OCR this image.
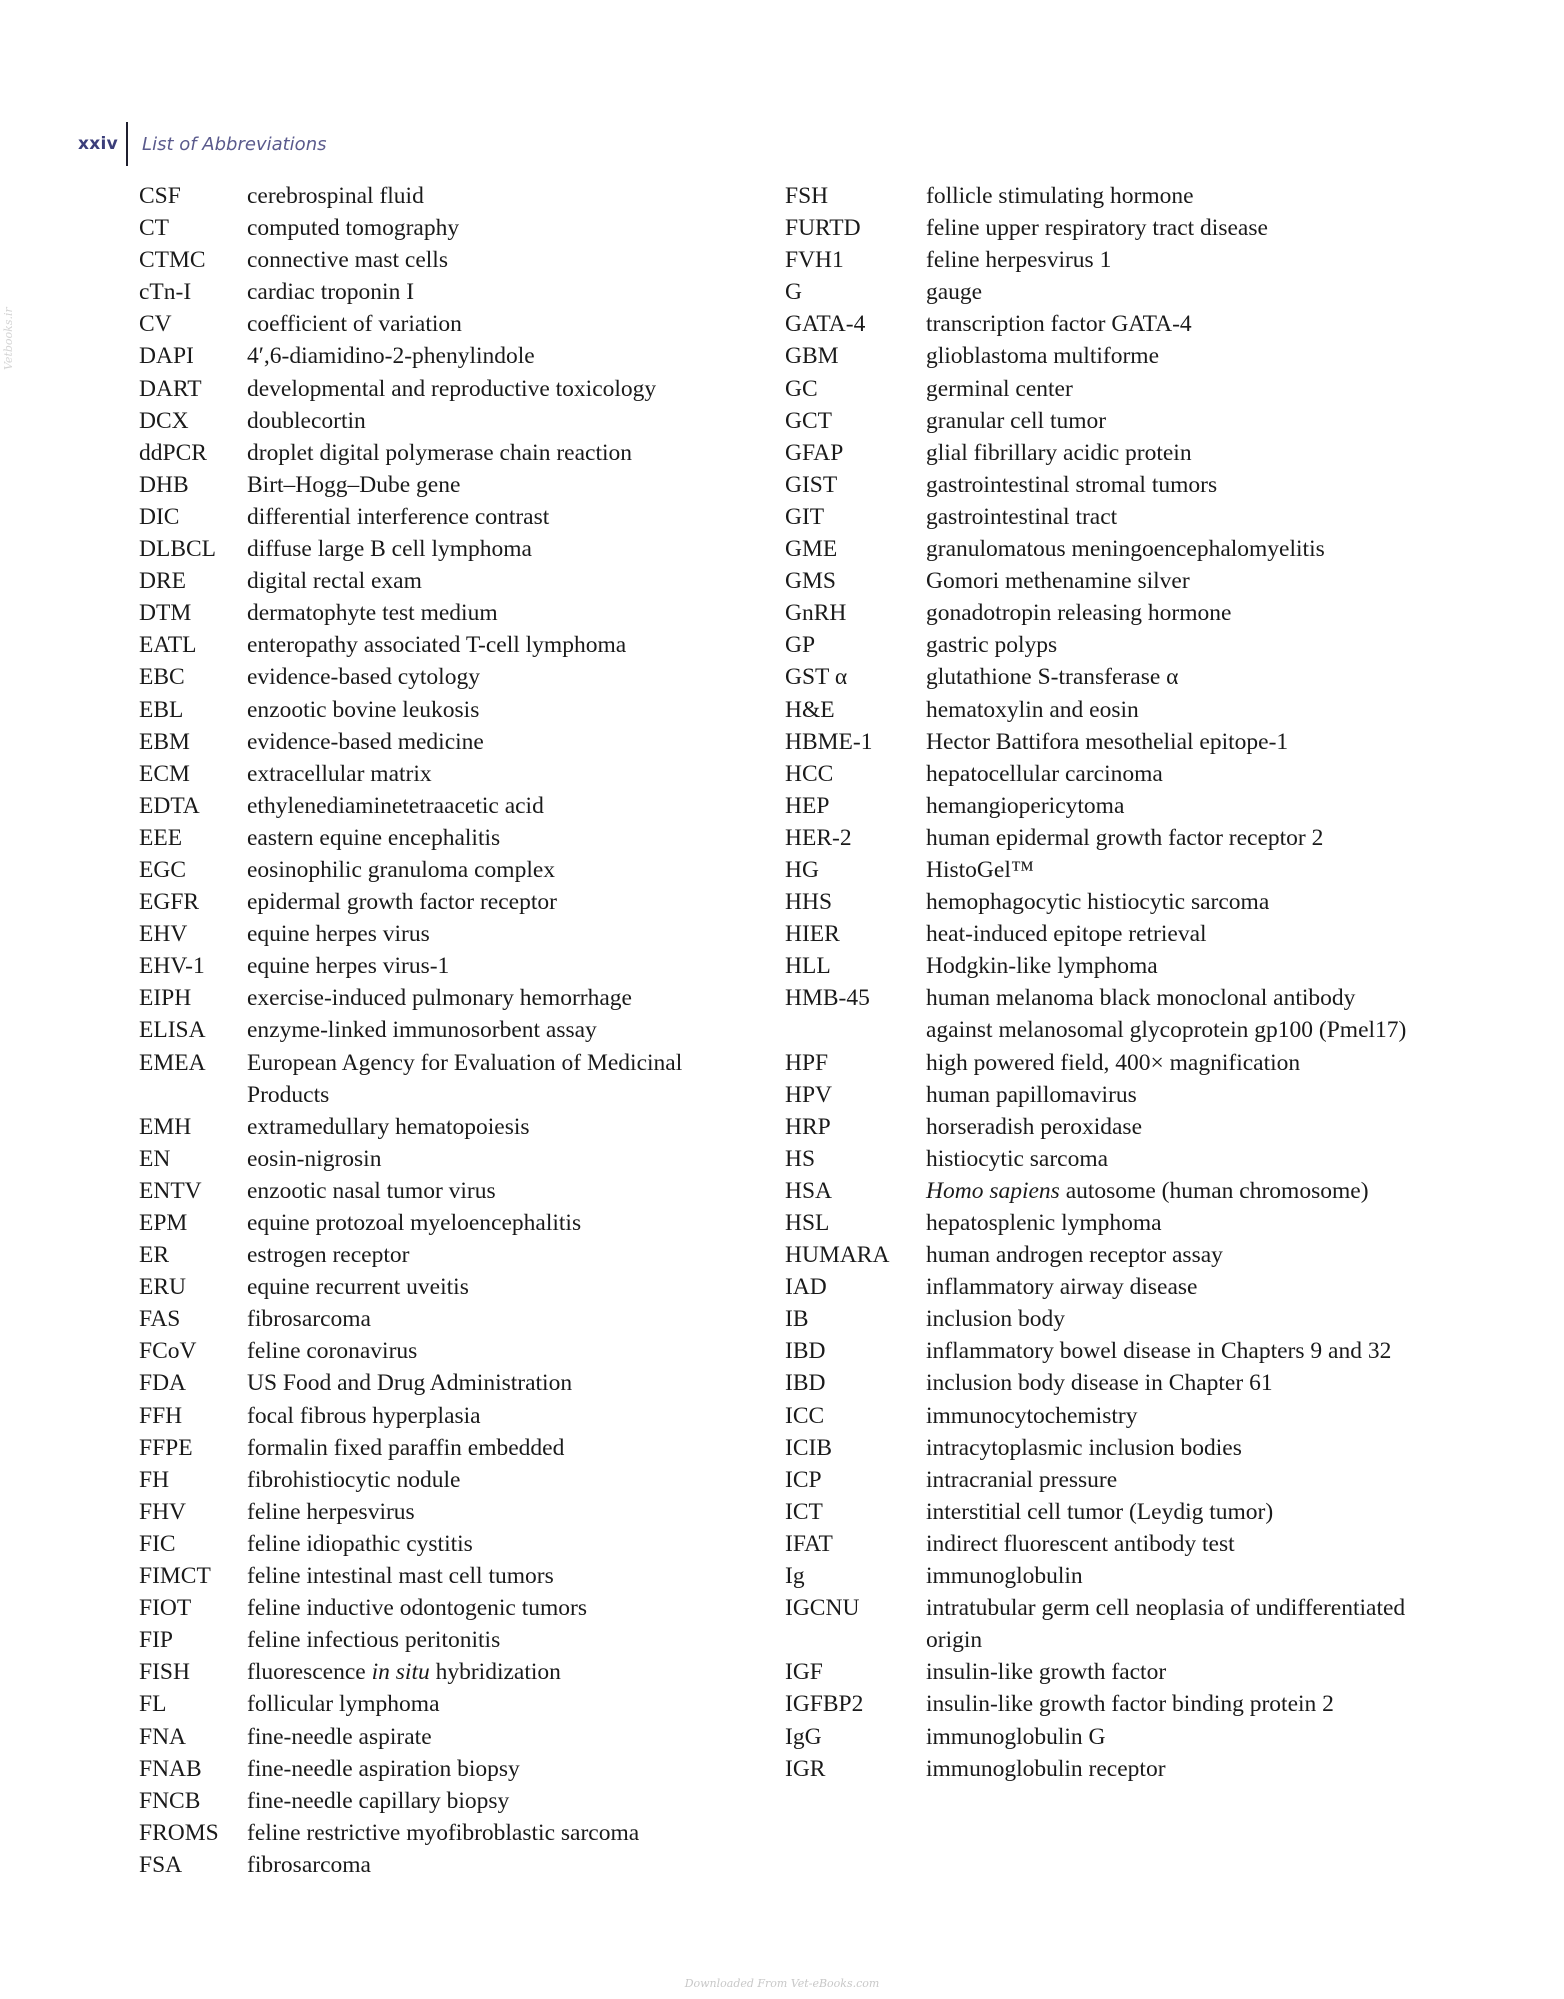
xxiv List of Abbreviations
Vetbooks.ir
CSF	cerebrospinal fluid
CT	computed tomography
CTMC	connective mast cells
cTn-I	cardiac troponin I
CV	coefficient of variation
DAPI	4′,6-diamidino-2-phenylindole
DART	developmental and reproductive toxicology
DCX	doublecortin
ddPCR	droplet digital polymerase chain reaction
DHB	Birt–Hogg–Dube gene
DIC	differential interference contrast
DLBCL	diffuse large B cell lymphoma
DRE	digital rectal exam
DTM	dermatophyte test medium
EATL	enteropathy associated T-cell lymphoma
EBC	evidence-based cytology
EBL	enzootic bovine leukosis
EBM	evidence-based medicine
ECM	extracellular matrix
EDTA	ethylenediaminetetraacetic acid
EEE	eastern equine encephalitis
EGC	eosinophilic granuloma complex
EGFR	epidermal growth factor receptor
EHV	equine herpes virus
EHV-1	equine herpes virus-1
EIPH	exercise-induced pulmonary hemorrhage
ELISA	enzyme-linked immunosorbent assay
EMEA	European Agency for Evaluation of Medicinal Products
EMH	extramedullary hematopoiesis
EN	eosin-nigrosin
ENTV	enzootic nasal tumor virus
EPM	equine protozoal myeloencephalitis
ER	estrogen receptor
ERU	equine recurrent uveitis
FAS	fibrosarcoma
FCoV	feline coronavirus
FDA	US Food and Drug Administration
FFH	focal fibrous hyperplasia
FFPE	formalin fixed paraffin embedded
FH	fibrohistiocytic nodule
FHV	feline herpesvirus
FIC	feline idiopathic cystitis
FIMCT	feline intestinal mast cell tumors
FIOT	feline inductive odontogenic tumors
FIP	feline infectious peritonitis
FISH	fluorescence in situ hybridization
FL	follicular lymphoma
FNA	fine-needle aspirate
FNAB	fine-needle aspiration biopsy
FNCB	fine-needle capillary biopsy
FROMS	feline restrictive myofibroblastic sarcoma
FSA	fibrosarcoma
FSH	follicle stimulating hormone
FURTD	feline upper respiratory tract disease
FVH1	feline herpesvirus 1
G	gauge
GATA-4	transcription factor GATA-4
GBM	glioblastoma multiforme
GC	germinal center
GCT	granular cell tumor
GFAP	glial fibrillary acidic protein
GIST	gastrointestinal stromal tumors
GIT	gastrointestinal tract
GME	granulomatous meningoencephalomyelitis
GMS	Gomori methenamine silver
GnRH	gonadotropin releasing hormone
GP	gastric polyps
GST α	glutathione S-transferase α
H&E	hematoxylin and eosin
HBME-1	Hector Battifora mesothelial epitope-1
HCC	hepatocellular carcinoma
HEP	hemangiopericytoma
HER-2	human epidermal growth factor receptor 2
HG	HistoGel™
HHS	hemophagocytic histiocytic sarcoma
HIER	heat-induced epitope retrieval
HLL	Hodgkin-like lymphoma
HMB-45	human melanoma black monoclonal antibody against melanosomal glycoprotein gp100 (Pmel17)
HPF	high powered field, 400× magnification
HPV	human papillomavirus
HRP	horseradish peroxidase
HS	histiocytic sarcoma
HSA	Homo sapiens autosome (human chromosome)
HSL	hepatosplenic lymphoma
HUMARA	human androgen receptor assay
IAD	inflammatory airway disease
IB	inclusion body
IBD	inflammatory bowel disease in Chapters 9 and 32
IBD	inclusion body disease in Chapter 61
ICC	immunocytochemistry
ICIB	intracytoplasmic inclusion bodies
ICP	intracranial pressure
ICT	interstitial cell tumor (Leydig tumor)
IFAT	indirect fluorescent antibody test
Ig	immunoglobulin
IGCNU	intratubular germ cell neoplasia of undifferentiated origin
IGF	insulin-like growth factor
IGFBP2	insulin-like growth factor binding protein 2
IgG	immunoglobulin G
IGR	immunoglobulin receptor
Downloaded From Vet-eBooks.com
